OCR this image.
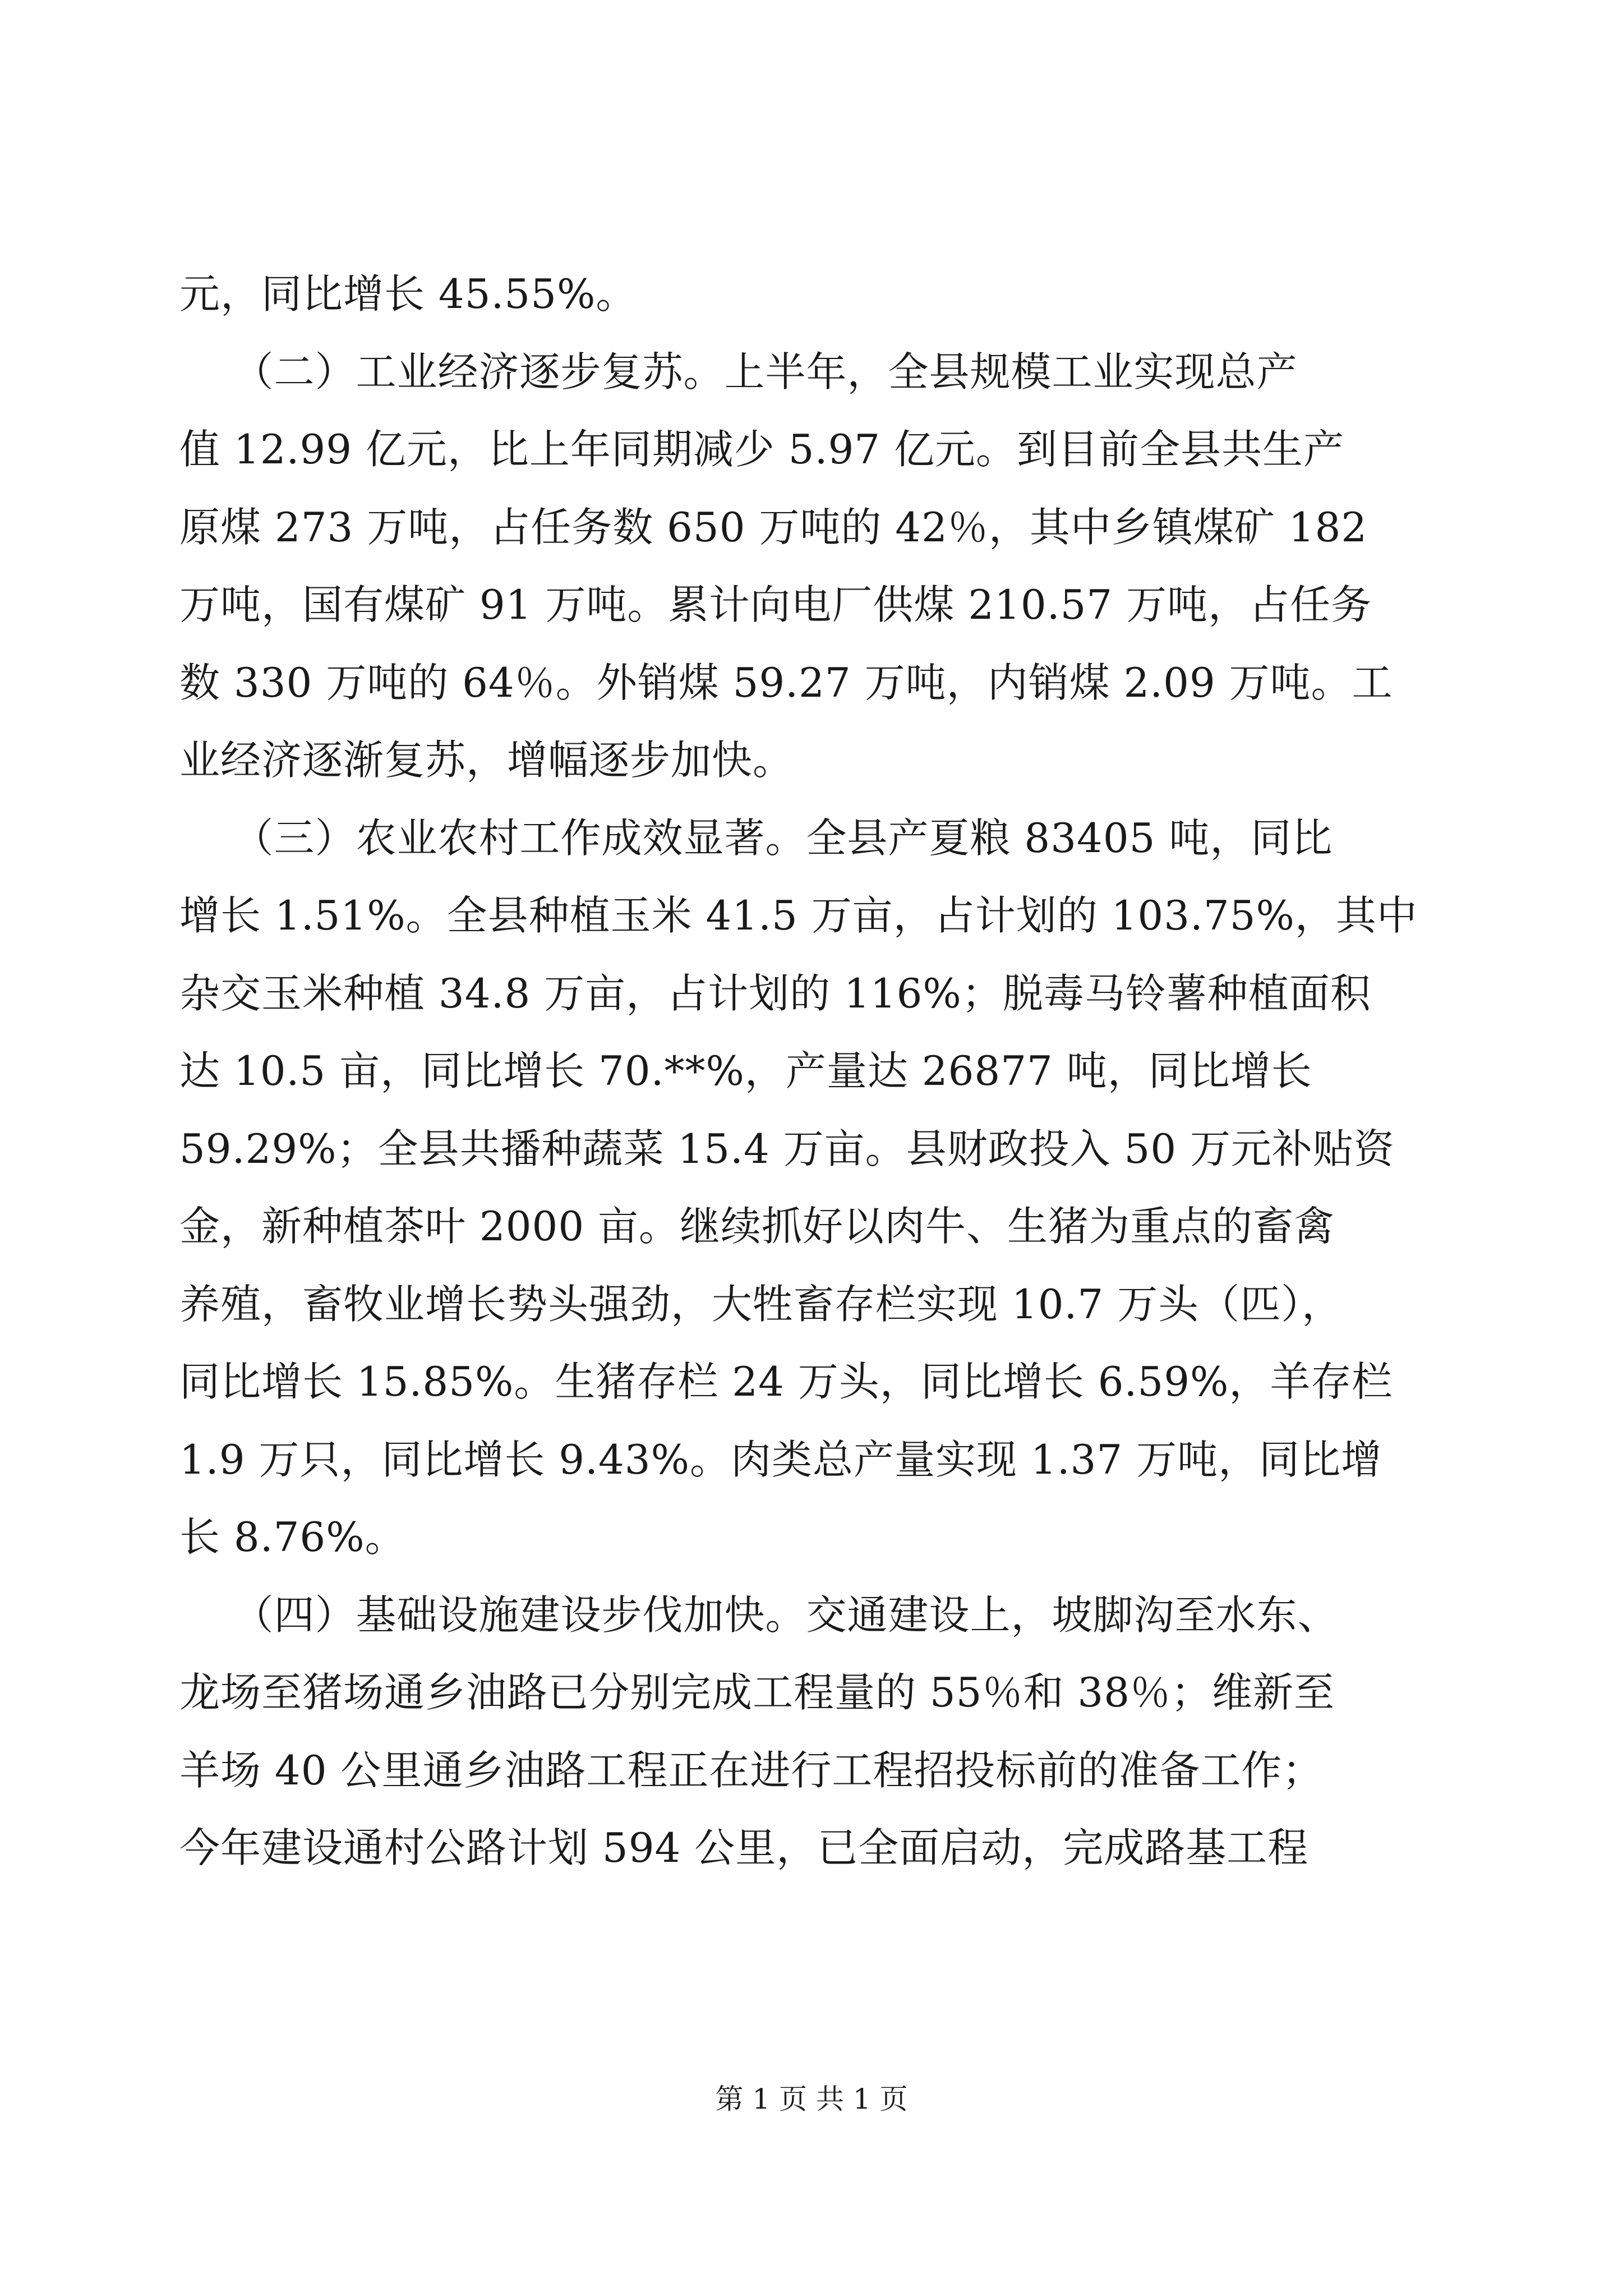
元，同比增长 45.55%。
（二）工业经济逐步复苏。上半年，全县规模工业实现总产
值 12.99 亿元，比上年同期减少 5.97 亿元。到目前全县共生产
原煤 273 万吨，占任务数 650 万吨的 42％，其中乡镇煤矿 182
万吨，国有煤矿 91 万吨。累计向电厂供煤 210.57 万吨，占任务
数 330 万吨的 64％。外销煤 59.27 万吨，内销煤 2.09 万吨。工
业经济逐渐复苏，增幅逐步加快。
（三）农业农村工作成效显著。全县产夏粮 83405 吨，同比
增长 1.51%。全县种植玉米 41.5 万亩，占计划的 103.75%，其中
杂交玉米种植 34.8 万亩，占计划的 116%；脱毒马铃薯种植面积
达 10.5 亩，同比增长 70.**%，产量达 26877 吨，同比增长
59.29%；全县共播种蔬菜 15.4 万亩。县财政投入 50 万元补贴资
金，新种植茶叶 2000 亩。继续抓好以肉牛、生猪为重点的畜禽
养殖，畜牧业增长势头强劲，大牲畜存栏实现 10.7 万头（匹），
同比增长 15.85%。生猪存栏 24 万头，同比增长 6.59%，羊存栏
1.9 万只，同比增长 9.43%。肉类总产量实现 1.37 万吨，同比增
长 8.76%。
（四）基础设施建设步伐加快。交通建设上，坡脚沟至水东、
龙场至猪场通乡油路已分别完成工程量的 55％和 38％；维新至
羊场 40 公里通乡油路工程正在进行工程招投标前的准备工作；
今年建设通村公路计划 594 公里，已全面启动，完成路基工程
第 1 页 共 1 页
